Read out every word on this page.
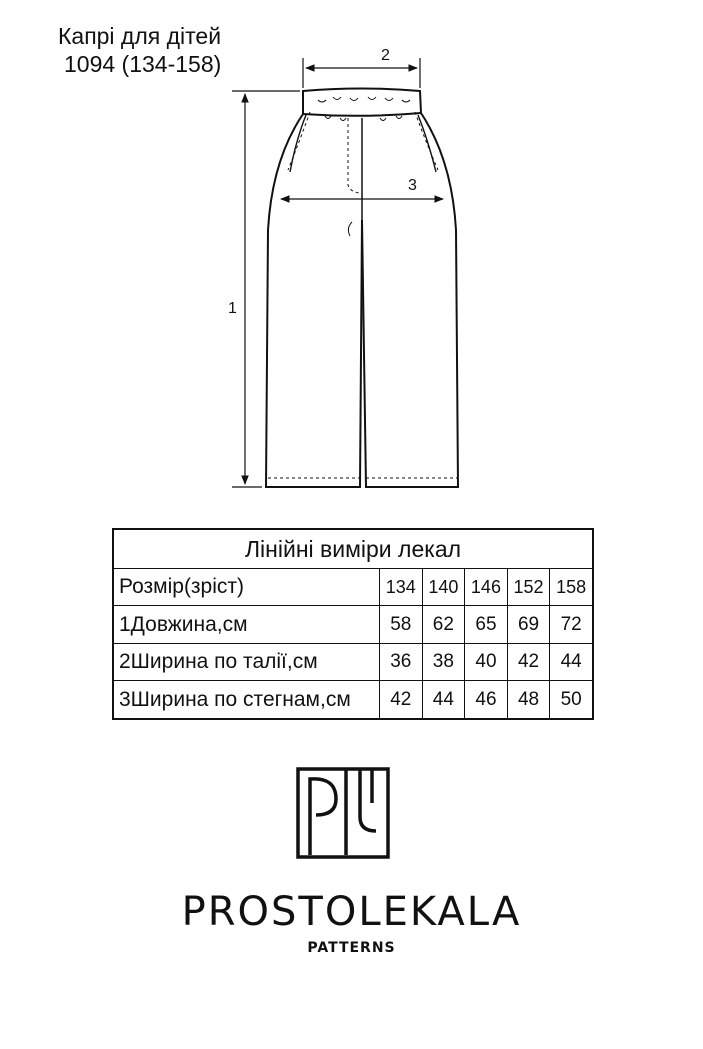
Капрі для дітей
1094 (134-158)
1
2
3
Лінійні виміри лекал					
Розмір(зріст)	134	140	146	152	158
1Довжина,см	58	62	65	69	72
2Ширина по талії,см	36	38	40	42	44
3Ширина по стегнам,см	42	44	46	48	50
PROSTOLEKALA
PATTERNS
